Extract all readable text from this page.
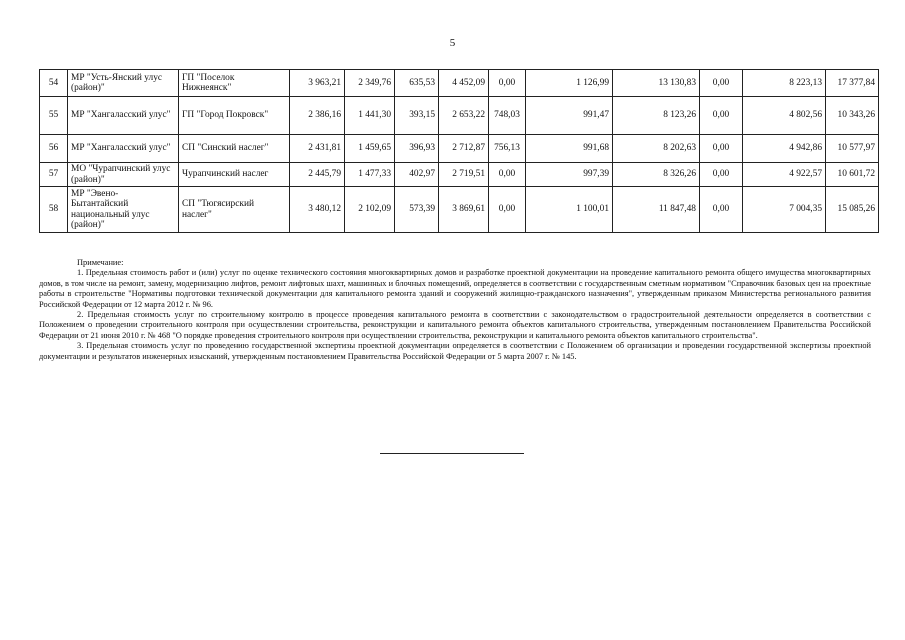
5
54	МР "Усть-Янский улус (район)"	ГП "Поселок Нижнеянск"	3 963,21	2 349,76	635,53	4 452,09	0,00	1 126,99	13 130,83	0,00	8 223,13	17 377,84
55	МР "Хангаласский улус"	ГП "Город Покровск"	2 386,16	1 441,30	393,15	2 653,22	748,03	991,47	8 123,26	0,00	4 802,56	10 343,26
56	МР "Хангаласский улус"	СП "Синский наслег"	2 431,81	1 459,65	396,93	2 712,87	756,13	991,68	8 202,63	0,00	4 942,86	10 577,97
57	МО "Чурапчинский улус (район)"	Чурапчинский наслег	2 445,79	1 477,33	402,97	2 719,51	0,00	997,39	8 326,26	0,00	4 922,57	10 601,72
58	МР "Эвено-Бытантайский национальный улус (район)"	СП "Тюгясирский наслег"	3 480,12	2 102,09	573,39	3 869,61	0,00	1 100,01	11 847,48	0,00	7 004,35	15 085,26
Примечание:

1. Предельная стоимость работ и (или) услуг по оценке технического состояния многоквартирных домов и разработке проектной документации на проведение капитального ремонта общего имущества многоквартирных домов, в том числе на ремонт, замену, модернизацию лифтов, ремонт лифтовых шахт, машинных и блочных помещений, определяется в соответствии с государственным сметным нормативом "Справочник базовых цен на проектные работы в строительстве "Нормативы подготовки технической документации для капитального ремонта зданий и сооружений жилищно-гражданского назначения", утвержденным приказом Министерства регионального развития Российской Федерации от 12 марта 2012 г. № 96.

2. Предельная стоимость услуг по строительному контролю в процессе проведения капитального ремонта в соответствии с законодательством о градостроительной деятельности определяется в соответствии с Положением о проведении строительного контроля при осуществлении строительства, реконструкции и капитального ремонта объектов капитального строительства, утвержденным постановлением Правительства Российской Федерации от 21 июня 2010 г. № 468 "О порядке проведения строительного контроля при осуществлении строительства, реконструкции и капитального ремонта объектов капитального строительства".

3. Предельная стоимость услуг по проведению государственной экспертизы проектной документации определяется в соответствии с Положением об организации и проведении государственной экспертизы проектной документации и результатов инженерных изысканий, утвержденным постановлением Правительства Российской Федерации от 5 марта 2007 г. № 145.
